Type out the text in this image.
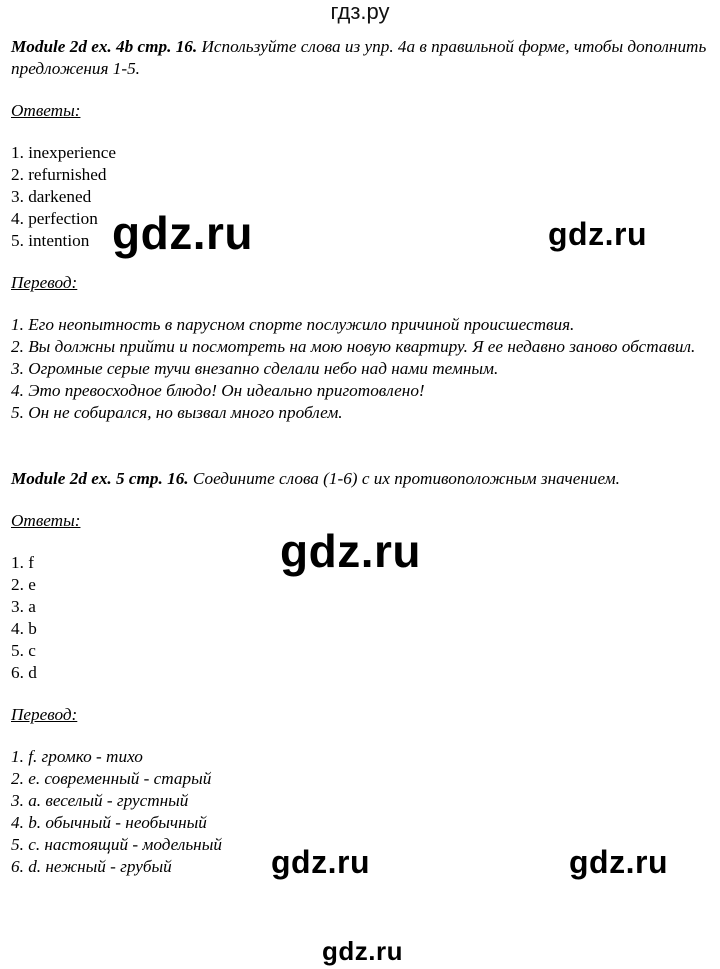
гдз.ру

Module 2d ex. 4b стр. 16. Используйте слова из упр. 4a в правильной форме, чтобы дополнить предложения 1-5.

Ответы:

1. inexperience

2. refurnished

3. darkened

4. perfection

5. intention

Перевод:

1. Его неопытность в парусном спорте послужило причиной происшествия.

2. Вы должны прийти и посмотреть на мою новую квартиру. Я ее недавно заново обставил.

3. Огромные серые тучи внезапно сделали небо над нами темным.

4. Это превосходное блюдо! Он идеально приготовлено!

5. Он не собирался, но вызвал много проблем.

Module 2d ex. 5 стр. 16. Соедините слова (1-6) с их противоположным значением.

Ответы:

1. f

2. e

3. a

4. b

5. c

6. d

Перевод:

1. f. громко - тихо

2. e. современный - старый

3. a. веселый - грустный

4. b. обычный - необычный

5. c. настоящий - модельный

6. d. нежный - грубый

gdz.ru	gdz.ru
gdz.ru
gdz.ru	gdz.ru
gdz.ru
